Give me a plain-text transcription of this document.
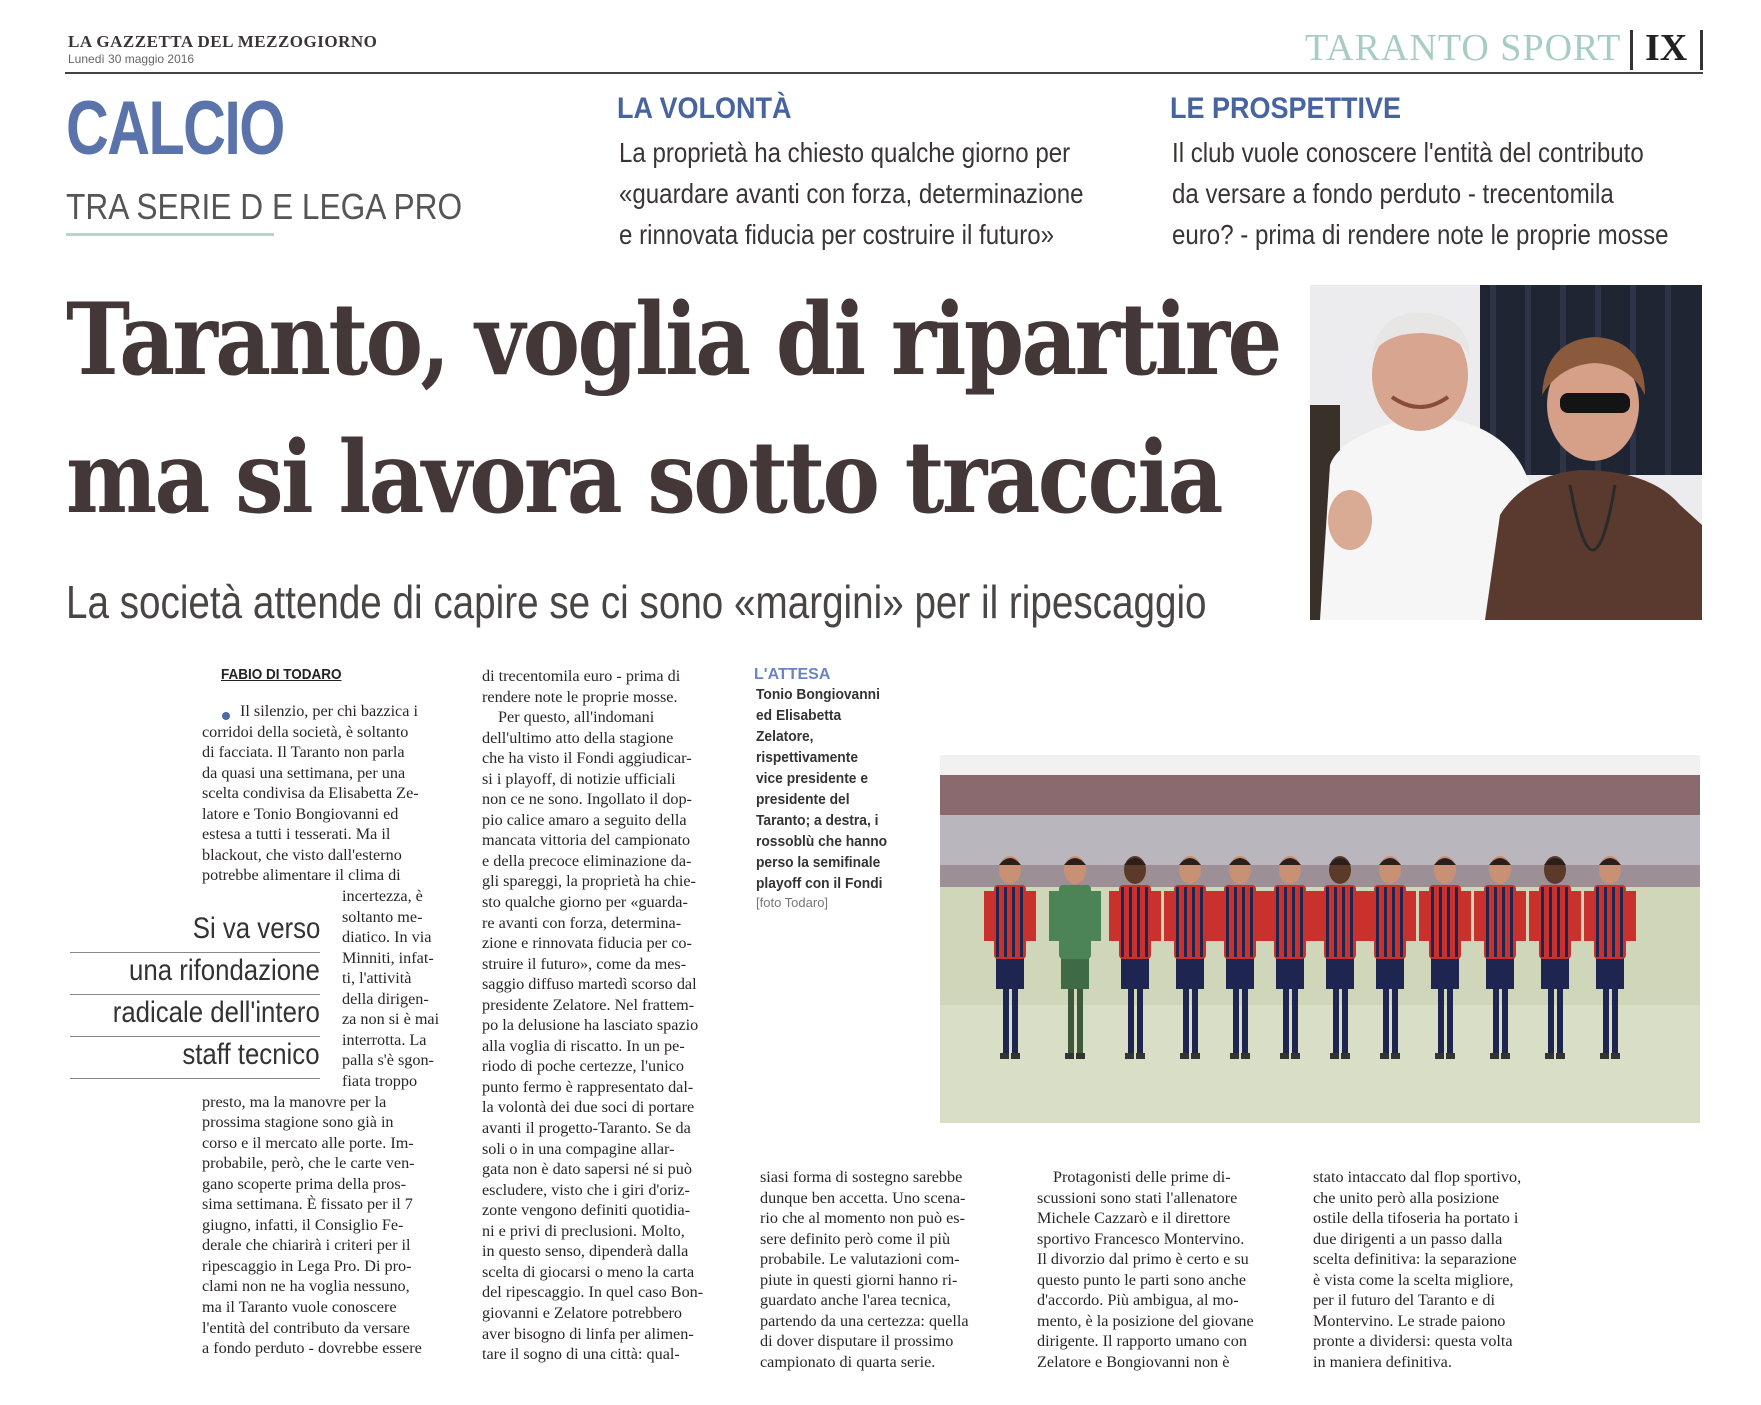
LA GAZZETTA DEL MEZZOGIORNO
Lunedì 30 maggio 2016	TARANTO SPORT IX
CALCIO
TRA SERIE D E LEGA PRO
LA VOLONTÀ
La proprietà ha chiesto qualche giorno per
«guardare avanti con forza, determinazione
e rinnovata fiducia per costruire il futuro»
LE PROSPETTIVE
Il club vuole conoscere l'entità del contributo
da versare a fondo perduto - trecentomila
euro? - prima di rendere note le proprie mosse
Taranto, voglia di ripartire
ma si lavora sotto traccia
La società attende di capire se ci sono «margini» per il ripescaggio
FABIO DI TODARO
Il silenzio, per chi bazzica i
corridoi della società, è soltanto
di facciata. Il Taranto non parla
da quasi una settimana, per una
scelta condivisa da Elisabetta Ze-
latore e Tonio Bongiovanni ed
estesa a tutti i tesserati. Ma il
blackout, che visto dall'esterno
potrebbe alimentare il clima di
incertezza, è
soltanto me-
diatico. In via
Minniti, infat-
ti, l'attività
della dirigen-
za non si è mai
interrotta. La
palla s'è sgon-
fiata troppo
presto, ma la manovre per la
prossima stagione sono già in
corso e il mercato alle porte. Im-
probabile, però, che le carte ven-
gano scoperte prima della pros-
sima settimana. È fissato per il 7
giugno, infatti, il Consiglio Fe-
derale che chiarirà i criteri per il
ripescaggio in Lega Pro. Di pro-
clami non ne ha voglia nessuno,
ma il Taranto vuole conoscere
l'entità del contributo da versare
a fondo perduto - dovrebbe essere
Si va verso
una rifondazione
radicale dell'intero
staff tecnico
di trecentomila euro - prima di
rendere note le proprie mosse.
Per questo, all'indomani
dell'ultimo atto della stagione
che ha visto il Fondi aggiudicar-
si i playoff, di notizie ufficiali
non ce ne sono. Ingollato il dop-
pio calice amaro a seguito della
mancata vittoria del campionato
e della precoce eliminazione da-
gli spareggi, la proprietà ha chie-
sto qualche giorno per «guarda-
re avanti con forza, determina-
zione e rinnovata fiducia per co-
struire il futuro», come da mes-
saggio diffuso martedì scorso dal
presidente Zelatore. Nel frattem-
po la delusione ha lasciato spazio
alla voglia di riscatto. In un pe-
riodo di poche certezze, l'unico
punto fermo è rappresentato dal-
la volontà dei due soci di portare
avanti il progetto-Taranto. Se da
soli o in una compagine allar-
gata non è dato sapersi né si può
escludere, visto che i giri d'oriz-
zonte vengono definiti quotidia-
ni e privi di preclusioni. Molto,
in questo senso, dipenderà dalla
scelta di giocarsi o meno la carta
del ripescaggio. In quel caso Bon-
giovanni e Zelatore potrebbero
aver bisogno di linfa per alimen-
tare il sogno di una città: qual-
L'ATTESA
Tonio Bongiovanni
ed Elisabetta
Zelatore,
rispettivamente
vice presidente e
presidente del
Taranto; a destra, i
rossoblù che hanno
perso la semifinale
playoff con il Fondi
[foto Todaro]
siasi forma di sostegno sarebbe
dunque ben accetta. Uno scena-
rio che al momento non può es-
sere definito però come il più
probabile. Le valutazioni com-
piute in questi giorni hanno ri-
guardato anche l'area tecnica,
partendo da una certezza: quella
di dover disputare il prossimo
campionato di quarta serie.
Protagonisti delle prime di-
scussioni sono stati l'allenatore
Michele Cazzarò e il direttore
sportivo Francesco Montervino.
Il divorzio dal primo è certo e su
questo punto le parti sono anche
d'accordo. Più ambigua, al mo-
mento, è la posizione del giovane
dirigente. Il rapporto umano con
Zelatore e Bongiovanni non è
stato intaccato dal flop sportivo,
che unito però alla posizione
ostile della tifoseria ha portato i
due dirigenti a un passo dalla
scelta definitiva: la separazione
è vista come la scelta migliore,
per il futuro del Taranto e di
Montervino. Le strade paiono
pronte a dividersi: questa volta
in maniera definitiva.
